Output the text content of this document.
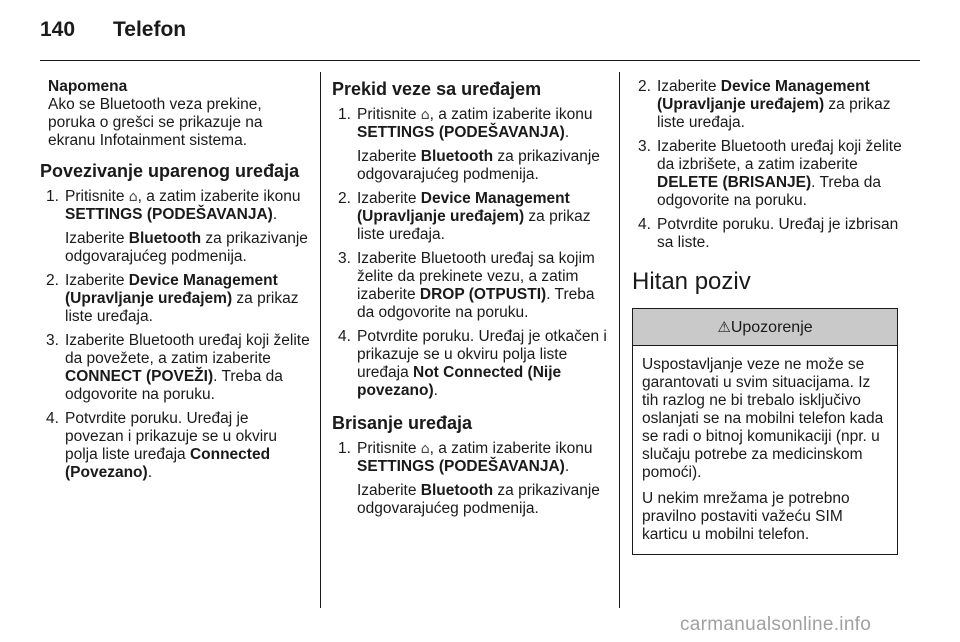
140 Telefon

Napomena

Ako se Bluetooth veza prekine, poruka o grešci se prikazuje na ekranu Infotainment sistema.

Povezivanje uparenog uređaja
1. Pritisnite ⌂, a zatim izaberite ikonu SETTINGS (PODEŠAVANJA).

Izaberite Bluetooth za prikazivanje odgovarajućeg podmenija.

2. Izaberite Device Management (Upravljanje uređajem) za prikaz liste uređaja.

3. Izaberite Bluetooth uređaj koji želite da povežete, a zatim izaberite CONNECT (POVEŽI). Treba da odgovorite na poruku.

4. Potvrdite poruku. Uređaj je povezan i prikazuje se u okviru polja liste uređaja Connected (Povezano).

Prekid veze sa uređajem
1. Pritisnite ⌂, a zatim izaberite ikonu SETTINGS (PODEŠAVANJA).

Izaberite Bluetooth za prikazivanje odgovarajućeg podmenija.

2. Izaberite Device Management (Upravljanje uređajem) za prikaz liste uređaja.

3. Izaberite Bluetooth uređaj sa kojim želite da prekinete vezu, a zatim izaberite DROP (OTPUSTI). Treba da odgovorite na poruku.

4. Potvrdite poruku. Uređaj je otkačen i prikazuje se u okviru polja liste uređaja Not Connected (Nije povezano).

Brisanje uređaja
1. Pritisnite ⌂, a zatim izaberite ikonu SETTINGS (PODEŠAVANJA).

Izaberite Bluetooth za prikazivanje odgovarajućeg podmenija.

2. Izaberite Device Management (Upravljanje uređajem) za prikaz liste uređaja.

3. Izaberite Bluetooth uređaj koji želite da izbrišete, a zatim izaberite DELETE (BRISANJE). Treba da odgovorite na poruku.

4. Potvrdite poruku. Uređaj je izbrisan sa liste.

Hitan poziv
⚠Upozorenje

Uspostavljanje veze ne može se garantovati u svim situacijama. Iz tih razlog ne bi trebalo isključivo oslanjati se na mobilni telefon kada se radi o bitnoj komunikaciji (npr. u slučaju potrebe za medicinskom pomoći).

U nekim mrežama je potrebno pravilno postaviti važeću SIM karticu u mobilni telefon.

carmanualsonline.info
